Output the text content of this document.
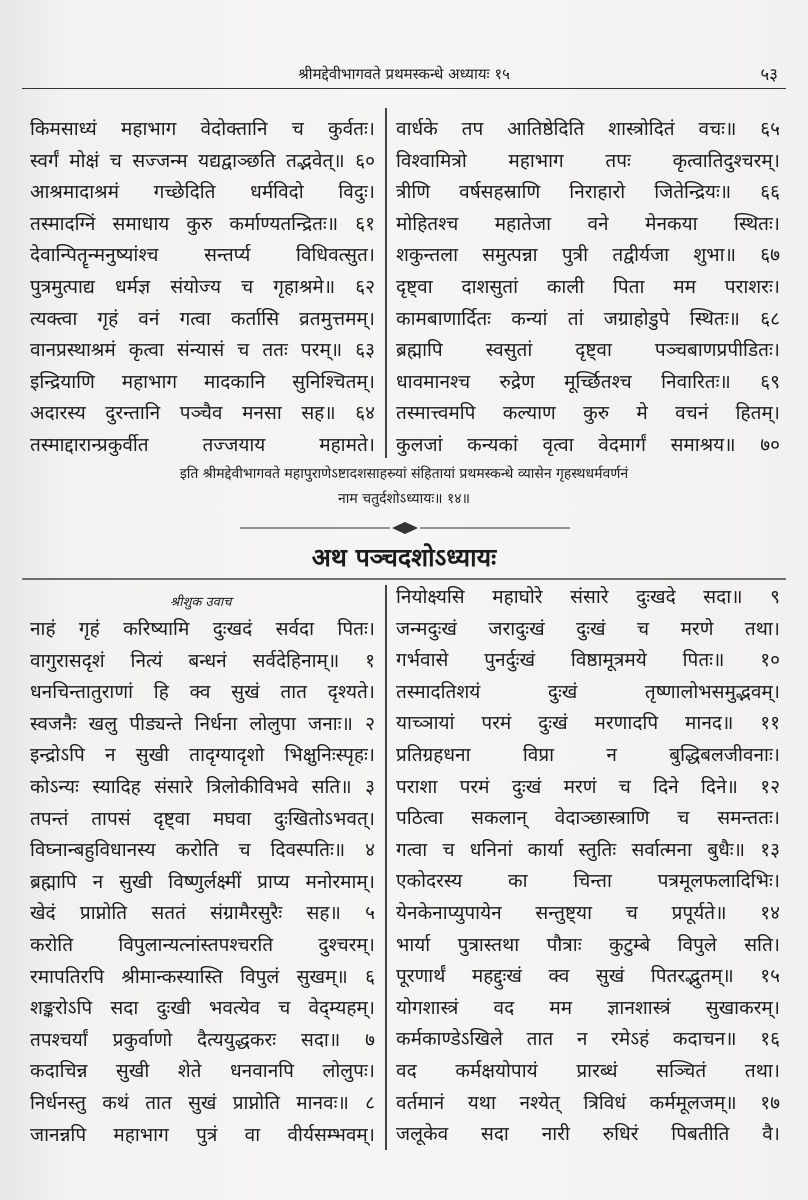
श्रीमद्देवीभागवते प्रथमस्कन्धे अध्यायः १५	५३
किमसाध्यं महाभाग वेदोक्तानि च कुर्वतः।
स्वर्गं मोक्षं च सज्जन्म यद्यद्वाञ्छति तद्भवेत्॥ ६०
आश्रमादाश्रमं गच्छेदिति धर्मविदो विदुः।
तस्मादग्निं समाधाय कुरु कर्माण्यतन्द्रितः॥ ६१
देवान्पितॄन्मनुष्यांश्च सन्तर्प्य विधिवत्सुत।
पुत्रमुत्पाद्य धर्मज्ञ संयोज्य च गृहाश्रमे॥ ६२
त्यक्त्वा गृहं वनं गत्वा कर्तासि व्रतमुत्तमम्।
वानप्रस्थाश्रमं कृत्वा संन्यासं च ततः परम्॥ ६३
इन्द्रियाणि महाभाग मादकानि सुनिश्चितम्।
अदारस्य दुरन्तानि पञ्चैव मनसा सह॥ ६४
तस्माद्दारान्प्रकुर्वीत तज्जयाय महामते।
वार्धके तप आतिष्ठेदिति शास्त्रोदितं वचः॥ ६५
विश्वामित्रो महाभाग तपः कृत्वातिदुश्चरम्।
त्रीणि वर्षसहस्राणि निराहारो जितेन्द्रियः॥ ६६
मोहितश्च महातेजा वने मेनकया स्थितः।
शकुन्तला समुत्पन्ना पुत्री तद्वीर्यजा शुभा॥ ६७
दृष्ट्वा दाशसुतां काली पिता मम पराशरः।
कामबाणार्दितः कन्यां तां जग्राहोडुपे स्थितः॥ ६८
ब्रह्मापि स्वसुतां दृष्ट्वा पञ्चबाणप्रपीडितः।
धावमानश्च रुद्रेण मूर्च्छितश्च निवारितः॥ ६९
तस्मात्त्वमपि कल्याण कुरु मे वचनं हितम्।
कुलजां कन्यकां वृत्वा वेदमार्गं समाश्रय॥ ७०
इति श्रीमद्देवीभागवते महापुराणेऽष्टादशसाहस्र्यां संहितायां प्रथमस्कन्धे व्यासेन गृहस्थधर्मवर्णनं
नाम चतुर्दशोऽध्यायः॥ १४॥
अथ पञ्चदशोऽध्यायः
श्रीशुक उवाच
नाहं गृहं करिष्यामि दुःखदं सर्वदा पितः।
वागुरासदृशं नित्यं बन्धनं सर्वदेहिनाम्॥ १
धनचिन्तातुराणां हि क्व सुखं तात दृश्यते।
स्वजनैः खलु पीड्यन्ते निर्धना लोलुपा जनाः॥ २
इन्द्रोऽपि न सुखी तादृग्यादृशो भिक्षुनिःस्पृहः।
कोऽन्यः स्यादिह संसारे त्रिलोकीविभवे सति॥ ३
तपन्तं तापसं दृष्ट्वा मघवा दुःखितोऽभवत्।
विघ्नान्बहुविधानस्य करोति च दिवस्पतिः॥ ४
ब्रह्मापि न सुखी विष्णुर्लक्ष्मीं प्राप्य मनोरमाम्।
खेदं प्राप्नोति सततं संग्रामैरसुरैः सह॥ ५
करोति विपुलान्यत्नांस्तपश्चरति दुश्चरम्।
रमापतिरपि श्रीमान्कस्यास्ति विपुलं सुखम्॥ ६
शङ्करोऽपि सदा दुःखी भवत्येव च वेद्म्यहम्।
तपश्चर्यां प्रकुर्वाणो दैत्ययुद्धकरः सदा॥ ७
कदाचिन्न सुखी शेते धनवानपि लोलुपः।
निर्धनस्तु कथं तात सुखं प्राप्नोति मानवः॥ ८
जानन्नपि महाभाग पुत्रं वा वीर्यसम्भवम्।
नियोक्ष्यसि महाघोरे संसारे दुःखदे सदा॥ ९
जन्मदुःखं जरादुःखं दुःखं च मरणे तथा।
गर्भवासे पुनर्दुःखं विष्ठामूत्रमये पितः॥ १०
तस्मादतिशयं दुःखं तृष्णालोभसमुद्भवम्।
याच्ञायां परमं दुःखं मरणादपि मानद॥ ११
प्रतिग्रहधना विप्रा न बुद्धिबलजीवनाः।
पराशा परमं दुःखं मरणं च दिने दिने॥ १२
पठित्वा सकलान् वेदाञ्छास्त्राणि च समन्ततः।
गत्वा च धनिनां कार्या स्तुतिः सर्वात्मना बुधैः॥ १३
एकोदरस्य का चिन्ता पत्रमूलफलादिभिः।
येनकेनाप्युपायेन सन्तुष्ट्या च प्रपूर्यते॥ १४
भार्या पुत्रास्तथा पौत्राः कुटुम्बे विपुले सति।
पूरणार्थं महद्दुःखं क्व सुखं पितरद्भुतम्॥ १५
योगशास्त्रं वद मम ज्ञानशास्त्रं सुखाकरम्।
कर्मकाण्डेऽखिले तात न रमेऽहं कदाचन॥ १६
वद कर्मक्षयोपायं प्रारब्धं सञ्चितं तथा।
वर्तमानं यथा नश्येत् त्रिविधं कर्ममूलजम्॥ १७
जलूकेव सदा नारी रुधिरं पिबतीति वै।
